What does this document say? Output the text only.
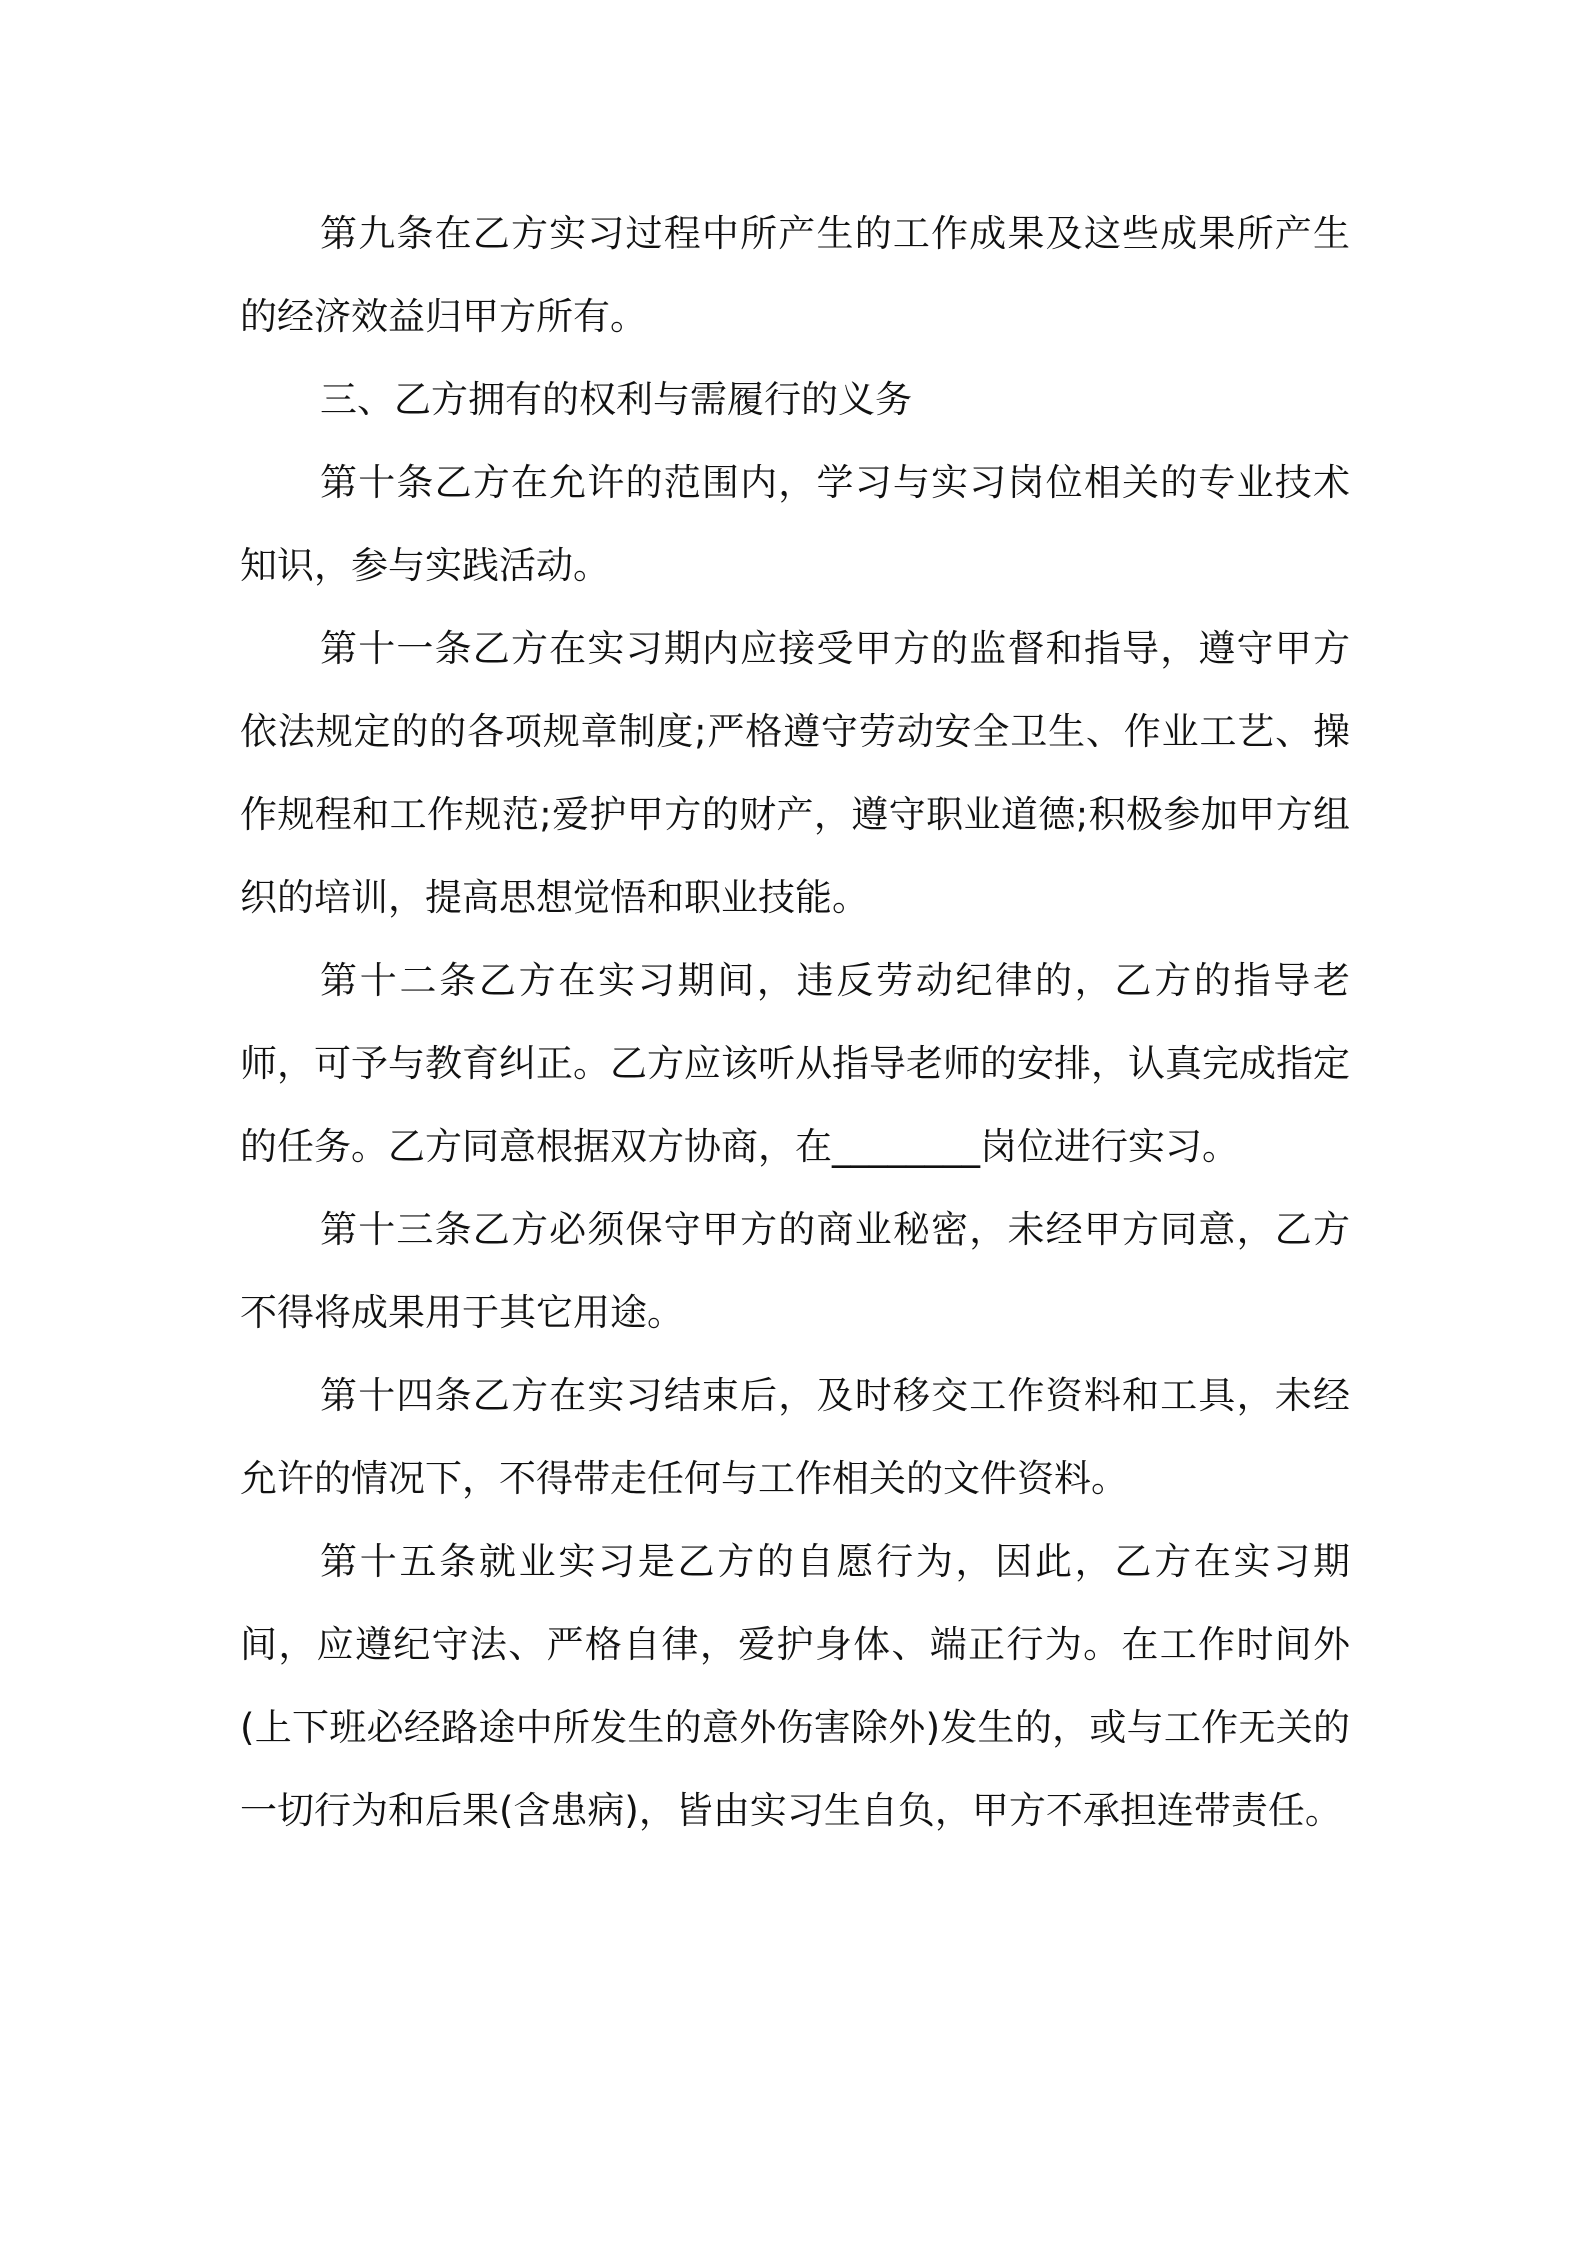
第九条在乙方实习过程中所产生的工作成果及这些成果所产生的经济效益归甲方所有。

三、乙方拥有的权利与需履行的义务

第十条乙方在允许的范围内，学习与实习岗位相关的专业技术知识，参与实践活动。

第十一条乙方在实习期内应接受甲方的监督和指导，遵守甲方依法规定的的各项规章制度;严格遵守劳动安全卫生、作业工艺、操作规程和工作规范;爱护甲方的财产，遵守职业道德;积极参加甲方组织的培训，提高思想觉悟和职业技能。

第十二条乙方在实习期间，违反劳动纪律的，乙方的指导老师，可予与教育纠正。乙方应该听从指导老师的安排，认真完成指定的任务。乙方同意根据双方协商，在________岗位进行实习。

第十三条乙方必须保守甲方的商业秘密，未经甲方同意，乙方不得将成果用于其它用途。

第十四条乙方在实习结束后，及时移交工作资料和工具，未经允许的情况下，不得带走任何与工作相关的文件资料。

第十五条就业实习是乙方的自愿行为，因此，乙方在实习期间，应遵纪守法、严格自律，爱护身体、端正行为。在工作时间外(上下班必经路途中所发生的意外伤害除外)发生的，或与工作无关的一切行为和后果(含患病)，皆由实习生自负，甲方不承担连带责任。
